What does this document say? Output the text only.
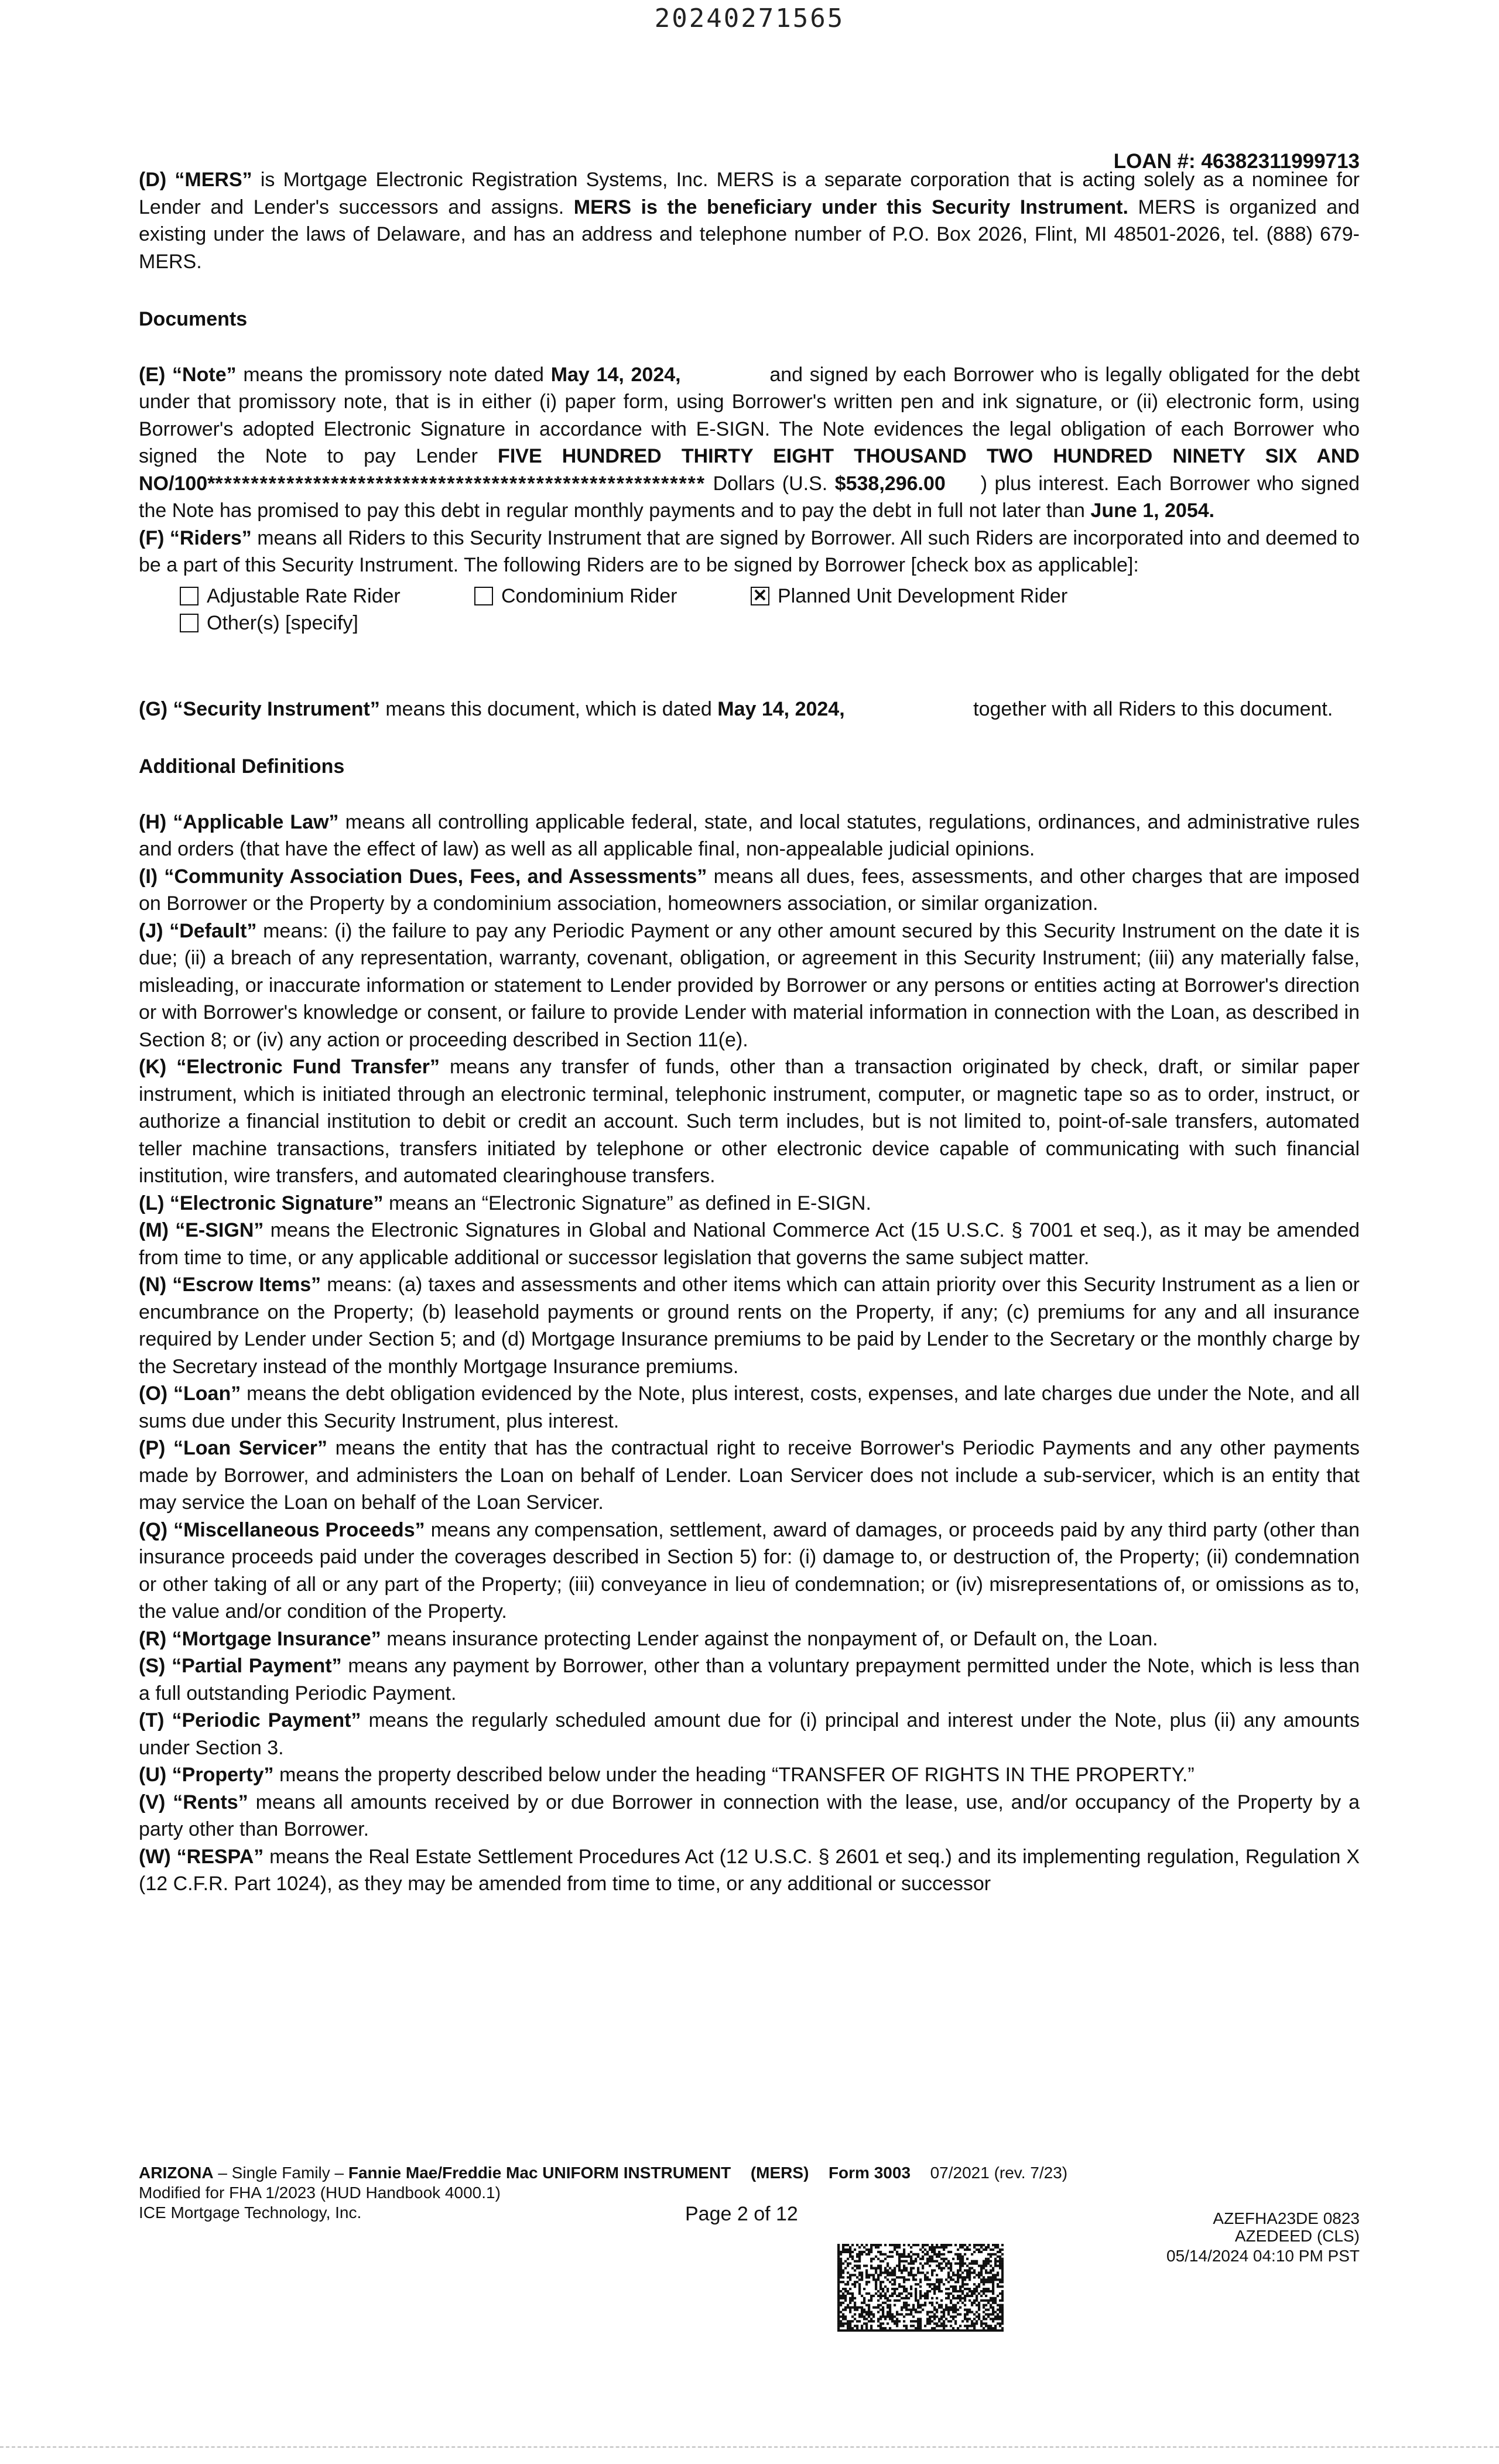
20240271565
LOAN #: 46382311999713

(D) “MERS” is Mortgage Electronic Registration Systems, Inc. MERS is a separate corporation that is acting solely as a nominee for Lender and Lender's successors and assigns. MERS is the beneficiary under this Security Instrument. MERS is organized and existing under the laws of Delaware, and has an address and telephone number of P.O. Box 2026, Flint, MI 48501-2026, tel. (888) 679-MERS.

Documents

(E) “Note” means the promissory note dated May 14, 2024,	and signed by each Borrower who is legally obligated for the debt under that promissory note, that is in either (i) paper form, using Borrower's written pen and ink signature, or (ii) electronic form, using Borrower's adopted Electronic Signature in accordance with E-SIGN. The Note evidences the legal obligation of each Borrower who signed the Note to pay Lender FIVE HUNDRED THIRTY EIGHT THOUSAND TWO HUNDRED NINETY SIX AND NO/100******************************************************** Dollars (U.S. $538,296.00 ) plus interest. Each Borrower who signed the Note has promised to pay this debt in regular monthly payments and to pay the debt in full not later than June 1, 2054.

(F) “Riders” means all Riders to this Security Instrument that are signed by Borrower. All such Riders are incorporated into and deemed to be a part of this Security Instrument. The following Riders are to be signed by Borrower [check box as applicable]:

Adjustable Rate Rider	Condominium Rider	✕ Planned Unit Development Rider
Other(s) [specify]

(G) “Security Instrument” means this document, which is dated May 14, 2024,	together with all Riders to this document.

Additional Definitions

(H) “Applicable Law” means all controlling applicable federal, state, and local statutes, regulations, ordinances, and administrative rules and orders (that have the effect of law) as well as all applicable final, non-appealable judicial opinions.

(I) “Community Association Dues, Fees, and Assessments” means all dues, fees, assessments, and other charges that are imposed on Borrower or the Property by a condominium association, homeowners association, or similar organization.

(J) “Default” means: (i) the failure to pay any Periodic Payment or any other amount secured by this Security Instrument on the date it is due; (ii) a breach of any representation, warranty, covenant, obligation, or agreement in this Security Instrument; (iii) any materially false, misleading, or inaccurate information or statement to Lender provided by Borrower or any persons or entities acting at Borrower's direction or with Borrower's knowledge or consent, or failure to provide Lender with material information in connection with the Loan, as described in Section 8; or (iv) any action or proceeding described in Section 11(e).

(K) “Electronic Fund Transfer” means any transfer of funds, other than a transaction originated by check, draft, or similar paper instrument, which is initiated through an electronic terminal, telephonic instrument, computer, or magnetic tape so as to order, instruct, or authorize a financial institution to debit or credit an account. Such term includes, but is not limited to, point-of-sale transfers, automated teller machine transactions, transfers initiated by telephone or other electronic device capable of communicating with such financial institution, wire transfers, and automated clearinghouse transfers.

(L) “Electronic Signature” means an “Electronic Signature” as defined in E-SIGN.

(M) “E-SIGN” means the Electronic Signatures in Global and National Commerce Act (15 U.S.C. § 7001 et seq.), as it may be amended from time to time, or any applicable additional or successor legislation that governs the same subject matter.

(N) “Escrow Items” means: (a) taxes and assessments and other items which can attain priority over this Security Instrument as a lien or encumbrance on the Property; (b) leasehold payments or ground rents on the Property, if any; (c) premiums for any and all insurance required by Lender under Section 5; and (d) Mortgage Insurance premiums to be paid by Lender to the Secretary or the monthly charge by the Secretary instead of the monthly Mortgage Insurance premiums.

(O) “Loan” means the debt obligation evidenced by the Note, plus interest, costs, expenses, and late charges due under the Note, and all sums due under this Security Instrument, plus interest.

(P) “Loan Servicer” means the entity that has the contractual right to receive Borrower's Periodic Payments and any other payments made by Borrower, and administers the Loan on behalf of Lender. Loan Servicer does not include a sub-servicer, which is an entity that may service the Loan on behalf of the Loan Servicer.

(Q) “Miscellaneous Proceeds” means any compensation, settlement, award of damages, or proceeds paid by any third party (other than insurance proceeds paid under the coverages described in Section 5) for: (i) damage to, or destruction of, the Property; (ii) condemnation or other taking of all or any part of the Property; (iii) conveyance in lieu of condemnation; or (iv) misrepresentations of, or omissions as to, the value and/or condition of the Property.

(R) “Mortgage Insurance” means insurance protecting Lender against the nonpayment of, or Default on, the Loan.

(S) “Partial Payment” means any payment by Borrower, other than a voluntary prepayment permitted under the Note, which is less than a full outstanding Periodic Payment.

(T) “Periodic Payment” means the regularly scheduled amount due for (i) principal and interest under the Note, plus (ii) any amounts under Section 3.

(U) “Property” means the property described below under the heading “TRANSFER OF RIGHTS IN THE PROPERTY.”

(V) “Rents” means all amounts received by or due Borrower in connection with the lease, use, and/or occupancy of the Property by a party other than Borrower.

(W) “RESPA” means the Real Estate Settlement Procedures Act (12 U.S.C. § 2601 et seq.) and its implementing regulation, Regulation X (12 C.F.R. Part 1024), as they may be amended from time to time, or any additional or successor

ARIZONA – Single Family – Fannie Mae/Freddie Mac UNIFORM INSTRUMENT (MERS) Form 3003 07/2021 (rev. 7/23)
Modified for FHA 1/2023 (HUD Handbook 4000.1)
ICE Mortgage Technology, Inc.	Page 2 of 12	AZEFHA23DE 0823
AZEDEED (CLS)
05/14/2024 04:10 PM PST
